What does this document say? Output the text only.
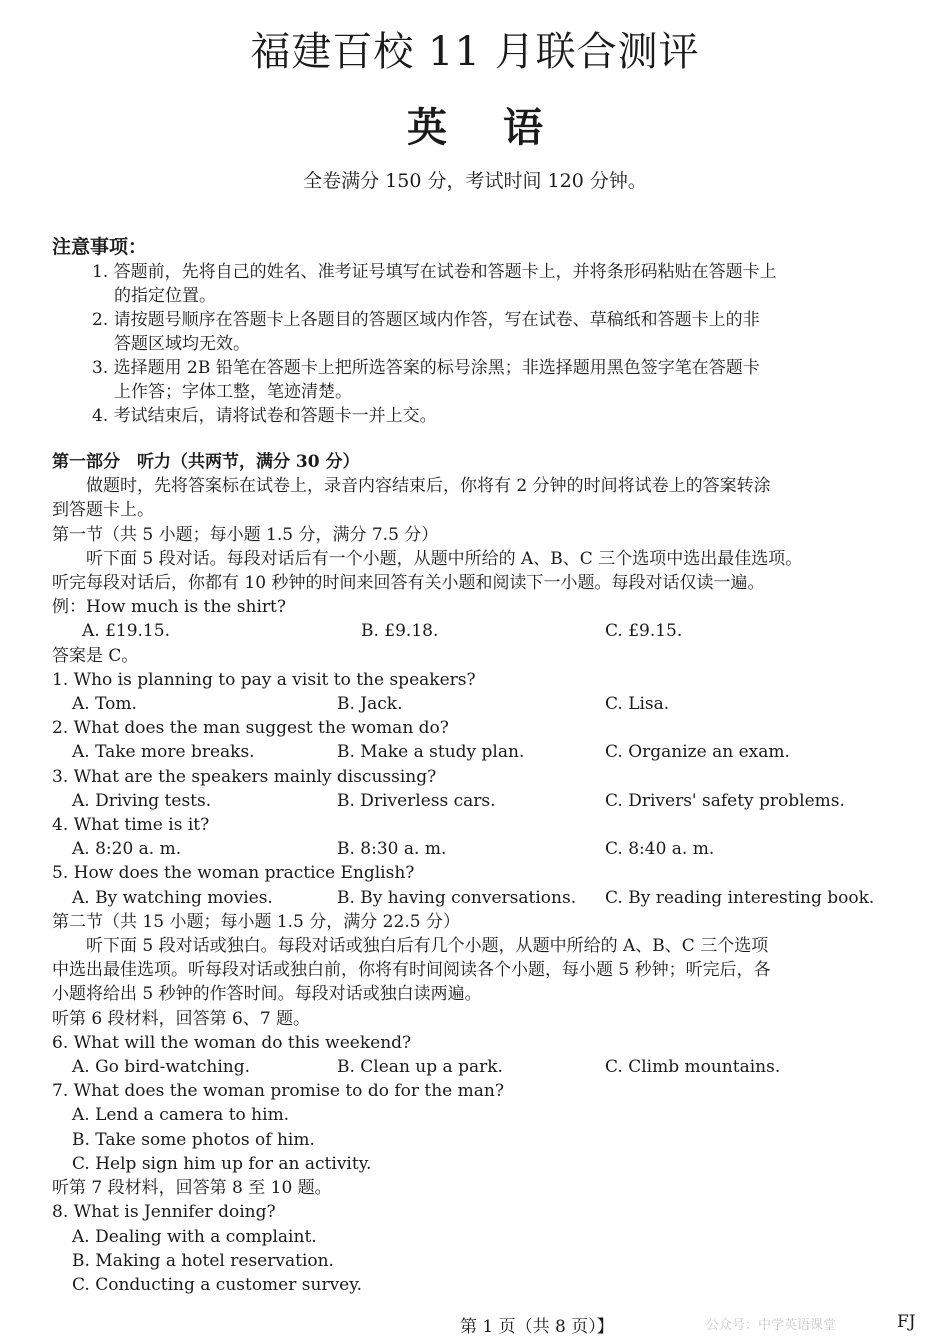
福建百校 11 月联合测评
英 语
全卷满分 150 分，考试时间 120 分钟。
注意事项：

1. 答题前，先将自己的姓名、准考证号填写在试卷和答题卡上，并将条形码粘贴在答题卡上

的指定位置。

2. 请按题号顺序在答题卡上各题目的答题区域内作答，写在试卷、草稿纸和答题卡上的非

答题区域均无效。

3. 选择题用 2B 铅笔在答题卡上把所选答案的标号涂黑；非选择题用黑色签字笔在答题卡

上作答；字体工整，笔迹清楚。

4. 考试结束后，请将试卷和答题卡一并上交。

第一部分　听力（共两节，满分 30 分）

做题时，先将答案标在试卷上，录音内容结束后，你将有 2 分钟的时间将试卷上的答案转涂

到答题卡上。

第一节（共 5 小题；每小题 1.5 分，满分 7.5 分）

听下面 5 段对话。每段对话后有一个小题，从题中所给的 A、B、C 三个选项中选出最佳选项。

听完每段对话后，你都有 10 秒钟的时间来回答有关小题和阅读下一小题。每段对话仅读一遍。

例：How much is the shirt?

A. £19.15.	B. £9.18.	C. £9.15.

答案是 C。

1. Who is planning to pay a visit to the speakers?

A. Tom.	B. Jack.	C. Lisa.

2. What does the man suggest the woman do?

A. Take more breaks.	B. Make a study plan.	C. Organize an exam.

3. What are the speakers mainly discussing?

A. Driving tests.	B. Driverless cars.	C. Drivers' safety problems.

4. What time is it?

A. 8:20 a. m.	B. 8:30 a. m.	C. 8:40 a. m.

5. How does the woman practice English?

A. By watching movies.	B. By having conversations.	C. By reading interesting book.

第二节（共 15 小题；每小题 1.5 分，满分 22.5 分）

听下面 5 段对话或独白。每段对话或独白后有几个小题，从题中所给的 A、B、C 三个选项

中选出最佳选项。听每段对话或独白前，你将有时间阅读各个小题，每小题 5 秒钟；听完后，各

小题将给出 5 秒钟的作答时间。每段对话或独白读两遍。

听第 6 段材料，回答第 6、7 题。

6. What will the woman do this weekend?

A. Go bird-watching.	B. Clean up a park.	C. Climb mountains.

7. What does the woman promise to do for the man?

A. Lend a camera to him.

B. Take some photos of him.

C. Help sign him up for an activity.

听第 7 段材料，回答第 8 至 10 题。

8. What is Jennifer doing?

A. Dealing with a complaint.

B. Making a hotel reservation.

C. Conducting a customer survey.

第 1 页（共 8 页）】	公众号：中学英语课堂	FJ
